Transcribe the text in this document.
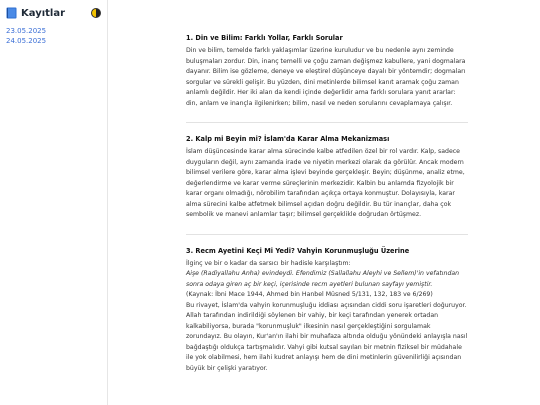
Kayıtlar
23.05.2025
24.05.2025	1. Din ve Bilim: Farklı Yollar, Farklı Sorular

Din ve bilim, temelde farklı yaklaşımlar üzerine kuruludur ve bu nedenle aynı zeminde buluşmaları zordur. Din, inanç temelli ve çoğu zaman değişmez kabullere, yani dogmalara dayanır. Bilim ise gözleme, deneye ve eleştirel düşünceye dayalı bir yöntemdir; dogmaları sorgular ve sürekli gelişir. Bu yüzden, dini metinlerde bilimsel kanıt aramak çoğu zaman anlamlı değildir. Her iki alan da kendi içinde değerlidir ama farklı sorulara yanıt ararlar: din, anlam ve inançla ilgilenirken; bilim, nasıl ve neden sorularını cevaplamaya çalışır.

2. Kalp mi Beyin mi? İslam'da Karar Alma Mekanizması

İslam düşüncesinde karar alma sürecinde kalbe atfedilen özel bir rol vardır. Kalp, sadece duyguların değil, aynı zamanda irade ve niyetin merkezi olarak da görülür. Ancak modern bilimsel verilere göre, karar alma işlevi beyinde gerçekleşir. Beyin; düşünme, analiz etme, değerlendirme ve karar verme süreçlerinin merkezidir. Kalbin bu anlamda fizyolojik bir karar organı olmadığı, nörobilim tarafından açıkça ortaya konmuştur. Dolayısıyla, karar alma sürecini kalbe atfetmek bilimsel açıdan doğru değildir. Bu tür inançlar, daha çok sembolik ve manevi anlamlar taşır; bilimsel gerçeklikle doğrudan örtüşmez.

3. Recm Ayetini Keçi Mi Yedi? Vahyin Korunmuşluğu Üzerine

İlginç ve bir o kadar da sarsıcı bir hadisle karşılaştım:

Aişe (Radiyallahu Anha) evindeydi. Efendimiz (Sallallahu Aleyhi ve Sellem)'in vefatından sonra odaya giren aç bir keçi, içerisinde recm ayetleri bulunan sayfayı yemiştir.

(Kaynak: İbni Mace 1944, Ahmed bin Hanbel Müsned 5/131, 132, 183 ve 6/269)

Bu rivayet, İslam'da vahyin korunmuşluğu iddiası açısından ciddi soru işaretleri doğuruyor. Allah tarafından indirildiği söylenen bir vahiy, bir keçi tarafından yenerek ortadan kalkabiliyorsa, burada "korunmuşluk" ilkesinin nasıl gerçekleştiğini sorgulamak zorundayız. Bu olayın, Kur'an'ın ilahi bir muhafaza altında olduğu yönündeki anlayışla nasıl bağdaştığı oldukça tartışmalıdır. Vahyi gibi kutsal sayılan bir metnin fiziksel bir müdahale ile yok olabilmesi, hem ilahi kudret anlayışı hem de dini metinlerin güvenilirliği açısından büyük bir çelişki yaratıyor.
